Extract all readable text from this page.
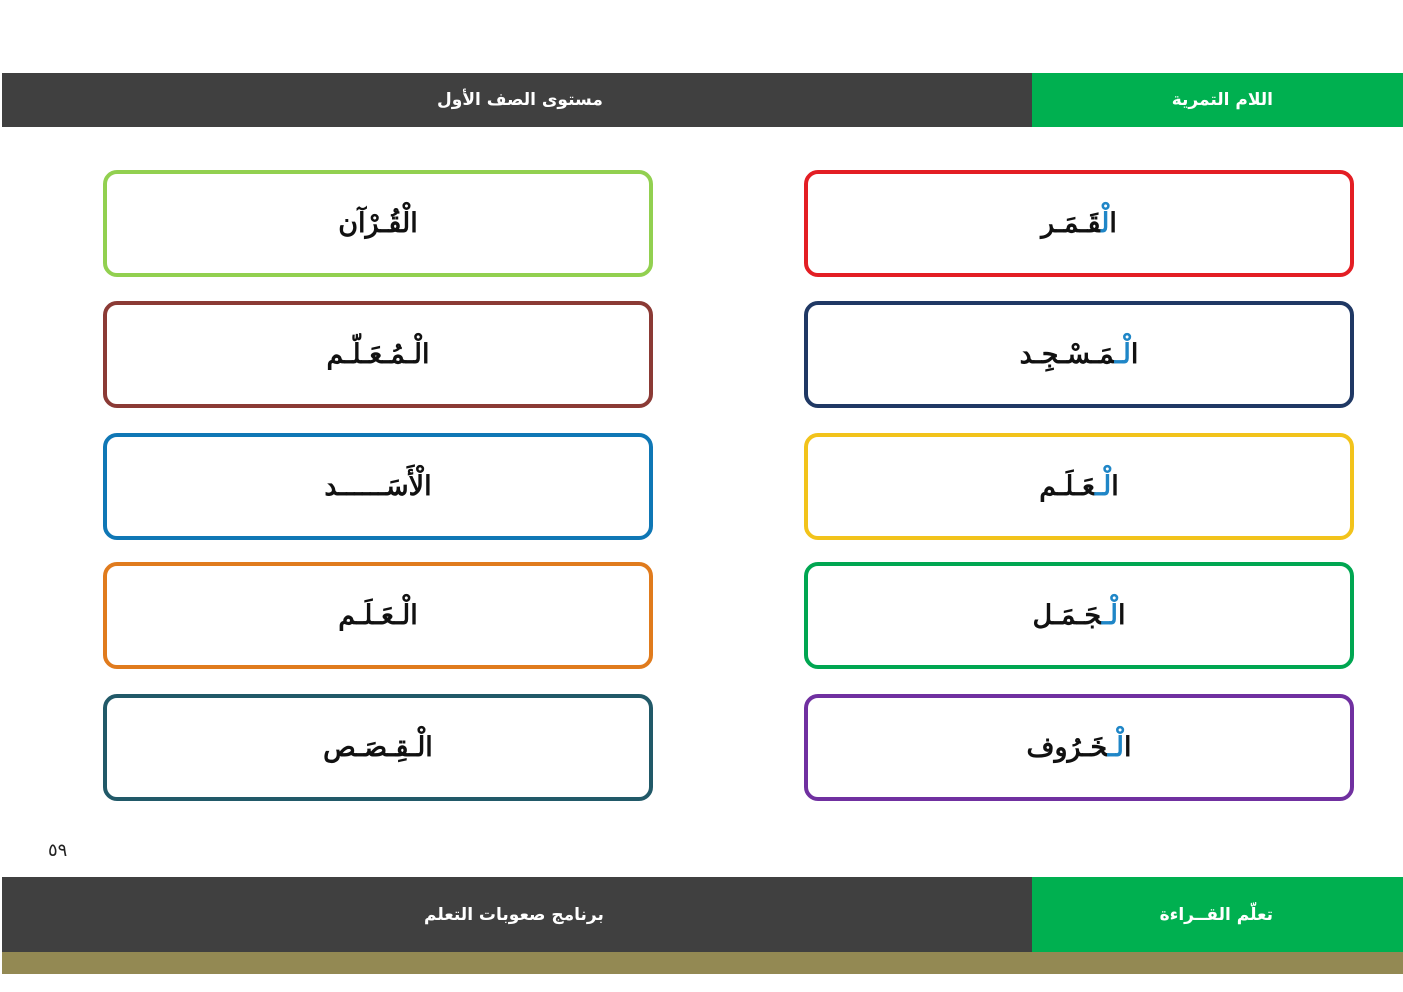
مستوى الصف الأول	اللام التمرية
الْقَـمَـر
الْـمَـسْـجِـد
الْـعَـلَـم
الْـجَـمَـل
الْـخَـرُوف
الْقُـرْآن
الْـمُـعَـلّـم
الْأَسَــــــد
الْـعَـلَـم
الْـقِـصَـص
٥٩
برنامج صعوبات التعلم	تعلّم القــراءة
